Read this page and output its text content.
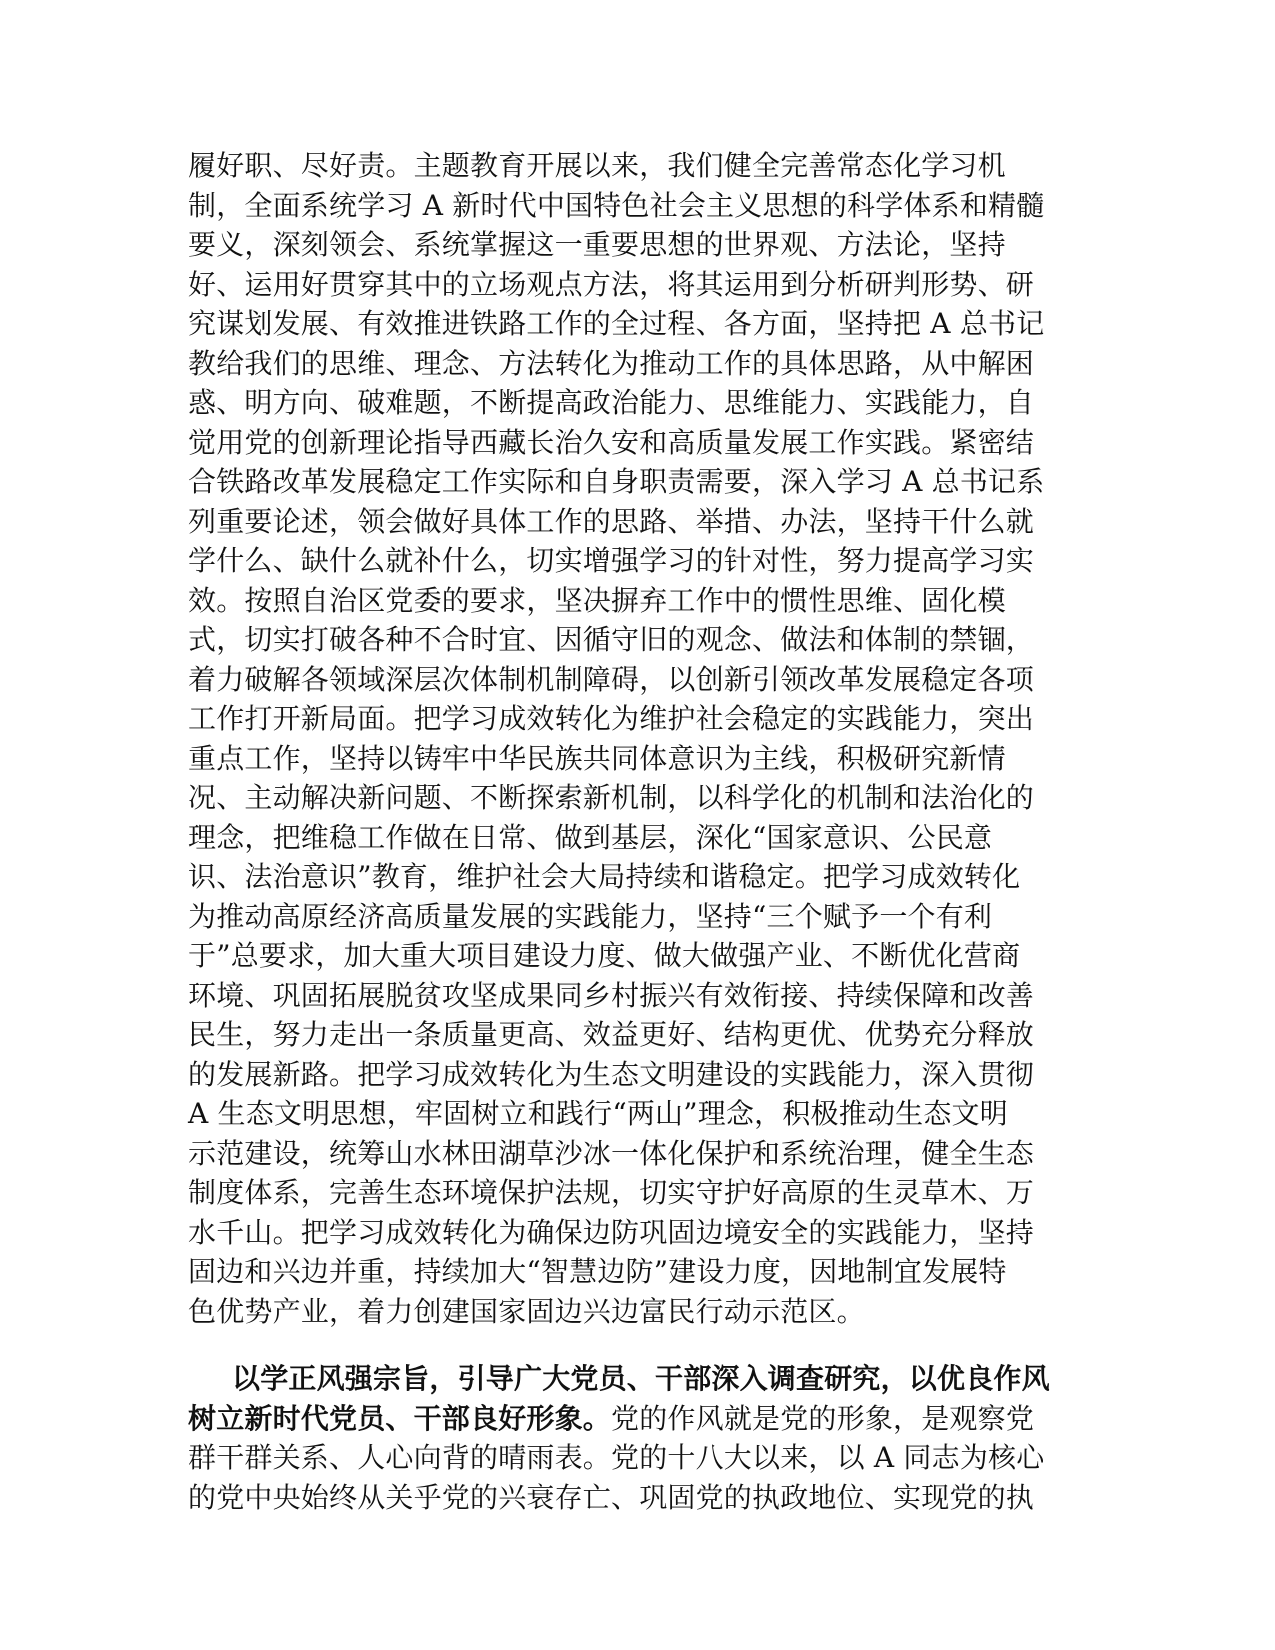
履好职、尽好责。主题教育开展以来，我们健全完善常态化学习机
制，全面系统学习 A 新时代中国特色社会主义思想的科学体系和精髓
要义，深刻领会、系统掌握这一重要思想的世界观、方法论，坚持
好、运用好贯穿其中的立场观点方法，将其运用到分析研判形势、研
究谋划发展、有效推进铁路工作的全过程、各方面，坚持把 A 总书记
教给我们的思维、理念、方法转化为推动工作的具体思路，从中解困
惑、明方向、破难题，不断提高政治能力、思维能力、实践能力，自
觉用党的创新理论指导西藏长治久安和高质量发展工作实践。紧密结
合铁路改革发展稳定工作实际和自身职责需要，深入学习 A 总书记系
列重要论述，领会做好具体工作的思路、举措、办法，坚持干什么就
学什么、缺什么就补什么，切实增强学习的针对性，努力提高学习实
效。按照自治区党委的要求，坚决摒弃工作中的惯性思维、固化模
式，切实打破各种不合时宜、因循守旧的观念、做法和体制的禁锢，
着力破解各领域深层次体制机制障碍，以创新引领改革发展稳定各项
工作打开新局面。把学习成效转化为维护社会稳定的实践能力，突出
重点工作，坚持以铸牢中华民族共同体意识为主线，积极研究新情
况、主动解决新问题、不断探索新机制，以科学化的机制和法治化的
理念，把维稳工作做在日常、做到基层，深化“国家意识、公民意
识、法治意识”教育，维护社会大局持续和谐稳定。把学习成效转化
为推动高原经济高质量发展的实践能力，坚持“三个赋予一个有利
于”总要求，加大重大项目建设力度、做大做强产业、不断优化营商
环境、巩固拓展脱贫攻坚成果同乡村振兴有效衔接、持续保障和改善
民生，努力走出一条质量更高、效益更好、结构更优、优势充分释放
的发展新路。把学习成效转化为生态文明建设的实践能力，深入贯彻
A 生态文明思想，牢固树立和践行“两山”理念，积极推动生态文明
示范建设，统筹山水林田湖草沙冰一体化保护和系统治理，健全生态
制度体系，完善生态环境保护法规，切实守护好高原的生灵草木、万
水千山。把学习成效转化为确保边防巩固边境安全的实践能力，坚持
固边和兴边并重，持续加大“智慧边防”建设力度，因地制宜发展特
色优势产业，着力创建国家固边兴边富民行动示范区。
以学正风强宗旨，引导广大党员、干部深入调查研究，以优良作风
树立新时代党员、干部良好形象。党的作风就是党的形象，是观察党
群干群关系、人心向背的晴雨表。党的十八大以来，以 A 同志为核心
的党中央始终从关乎党的兴衰存亡、巩固党的执政地位、实现党的执
